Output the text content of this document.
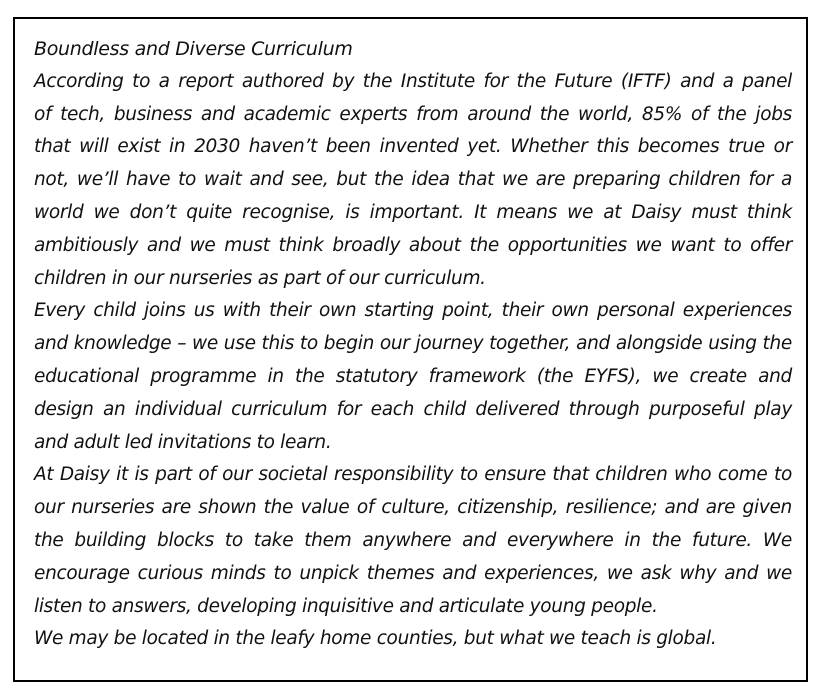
Boundless and Diverse Curriculum
According to a report authored by the Institute for the Future (IFTF) and a panel
of tech, business and academic experts from around the world, 85% of the jobs
that will exist in 2030 haven’t been invented yet. Whether this becomes true or
not, we’ll have to wait and see, but the idea that we are preparing children for a
world we don’t quite recognise, is important. It means we at Daisy must think
ambitiously and we must think broadly about the opportunities we want to offer
children in our nurseries as part of our curriculum.
Every child joins us with their own starting point, their own personal experiences
and knowledge – we use this to begin our journey together, and alongside using the
educational programme in the statutory framework (the EYFS), we create and
design an individual curriculum for each child delivered through purposeful play
and adult led invitations to learn.
At Daisy it is part of our societal responsibility to ensure that children who come to
our nurseries are shown the value of culture, citizenship, resilience; and are given
the building blocks to take them anywhere and everywhere in the future. We
encourage curious minds to unpick themes and experiences, we ask why and we
listen to answers, developing inquisitive and articulate young people.
We may be located in the leafy home counties, but what we teach is global.
